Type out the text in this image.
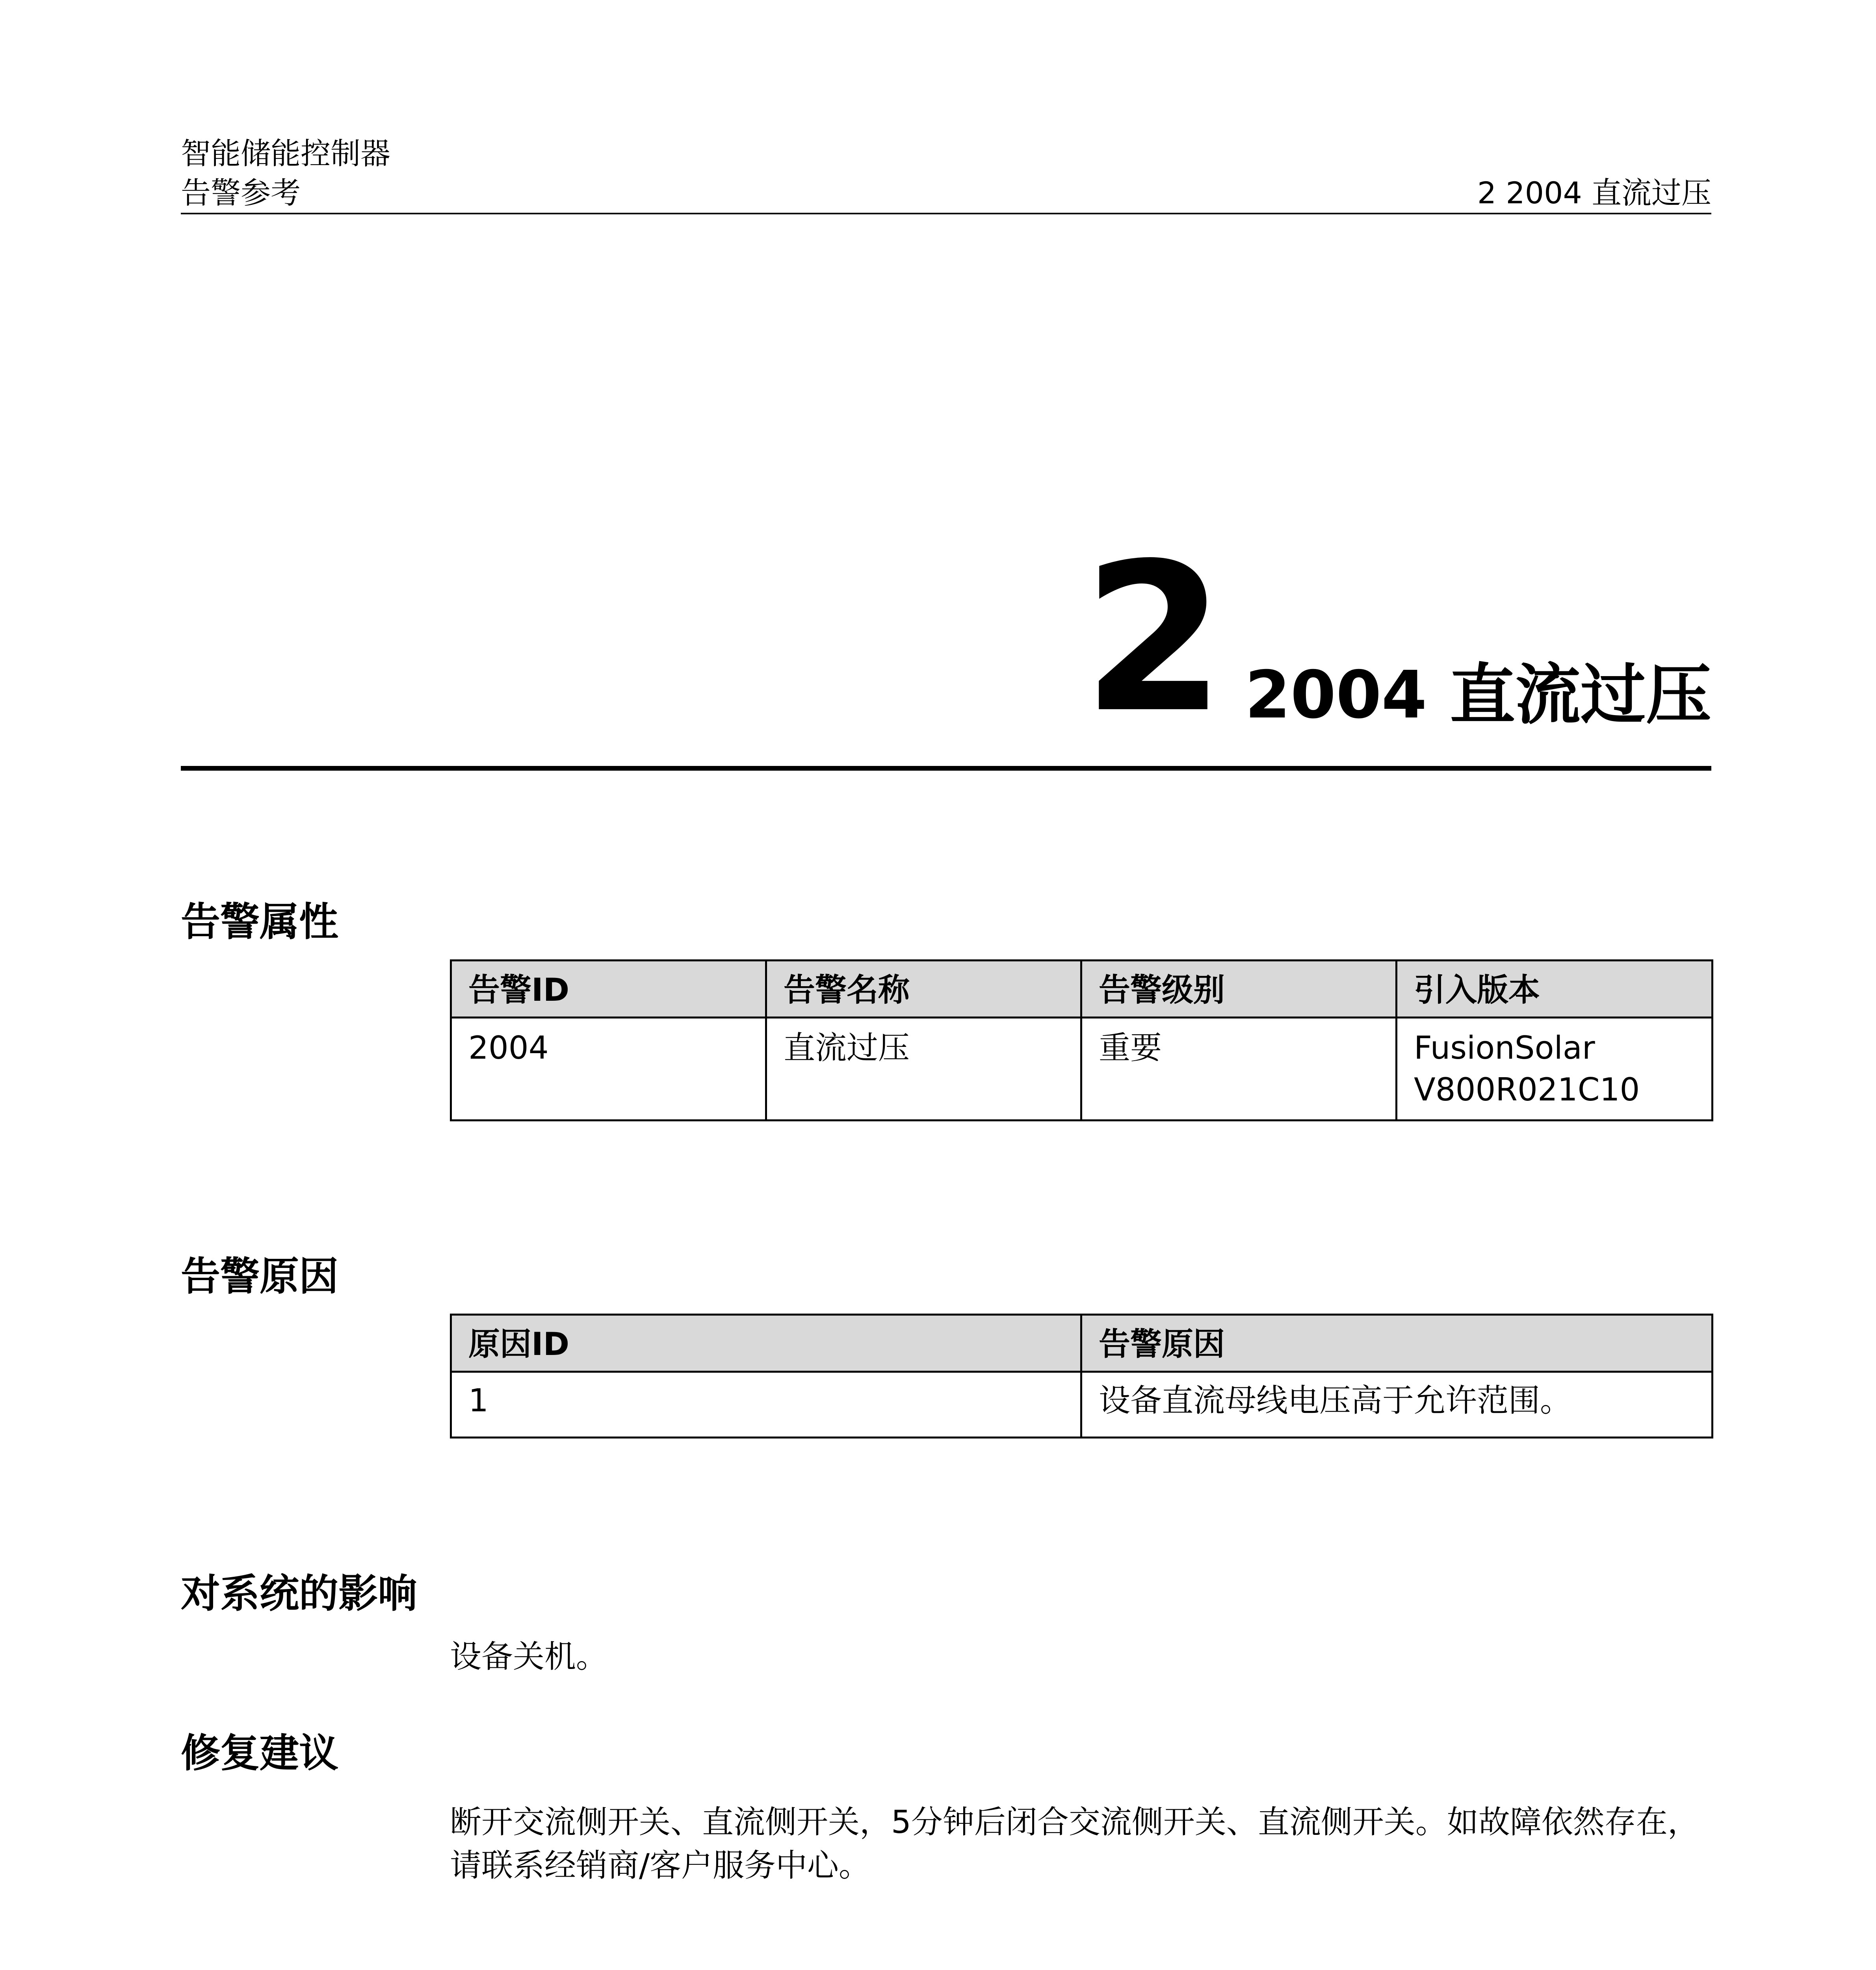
智能储能控制器
告警参考	2 2004 直流过压
2 2004 直流过压
告警属性
告警ID	告警名称	告警级别	引入版本
2004	直流过压	重要	FusionSolar
V800R021C10
告警原因
原因ID	告警原因
1	设备直流母线电压高于允许范围。
对系统的影响
设备关机。
修复建议
断开交流侧开关、直流侧开关，5分钟后闭合交流侧开关、直流侧开关。如故障依然存在，请联系经销商/客户服务中心。
